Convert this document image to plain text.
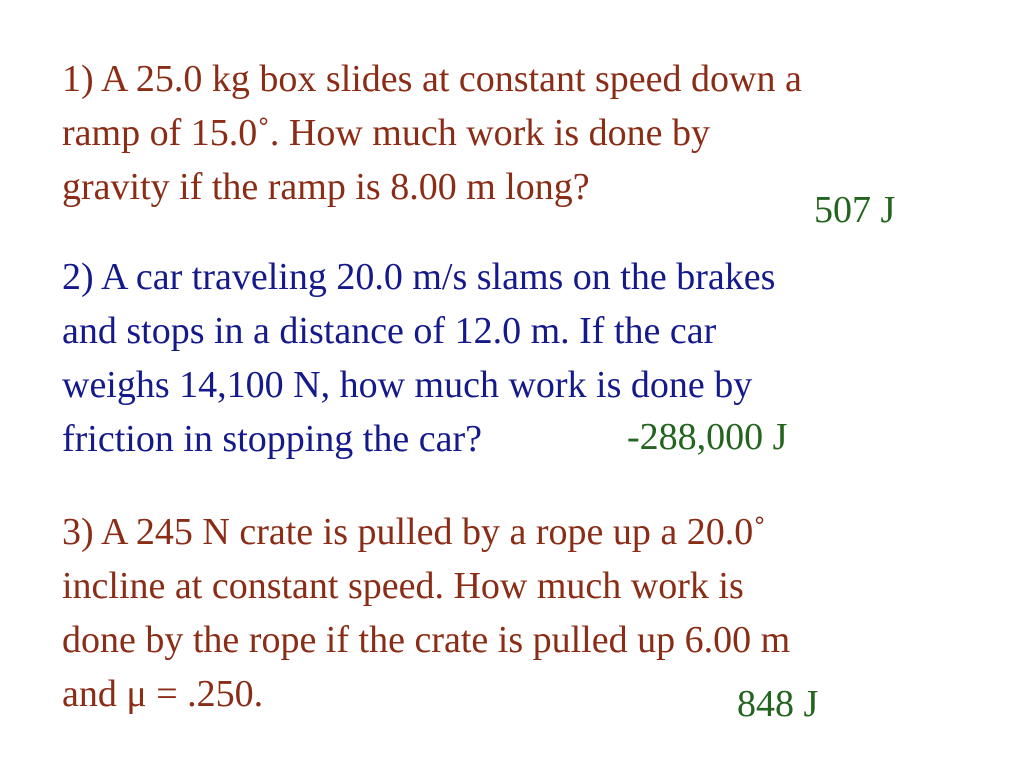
1) A 25.0 kg box slides at constant speed down a
ramp of 15.0˚. How much work is done by
gravity if the ramp is 8.00 m long?

507 J

2) A car traveling 20.0 m/s slams on the brakes
and stops in a distance of 12.0 m. If the car
weighs 14,100 N, how much work is done by
friction in stopping the car?	-288,000 J

3) A 245 N crate is pulled by a rope up a 20.0˚
incline at constant speed. How much work is
done by the rope if the crate is pulled up 6.00 m
and μ = .250.	848 J
